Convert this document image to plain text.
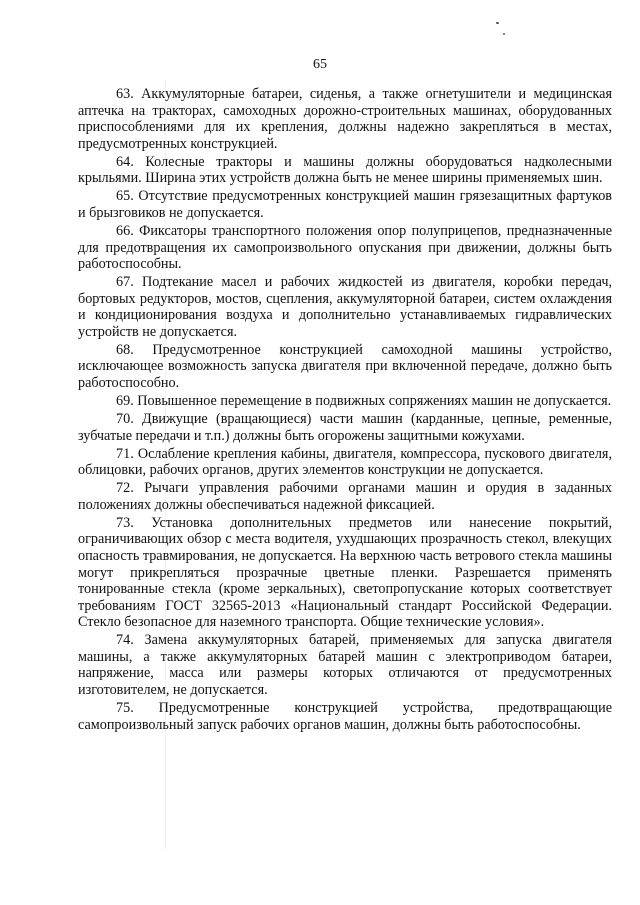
65

63. Аккумуляторные батареи, сиденья, а также огнетушители и медицинская аптечка на тракторах, самоходных дорожно-строительных машинах, оборудованных приспособлениями для их крепления, должны надежно закрепляться в местах, предусмотренных конструкцией.

64. Колесные тракторы и машины должны оборудоваться надколесными крыльями. Ширина этих устройств должна быть не менее ширины применяемых шин.

65. Отсутствие предусмотренных конструкцией машин грязезащитных фартуков и брызговиков не допускается.

66. Фиксаторы транспортного положения опор полуприцепов, предназначенные для предотвращения их самопроизвольного опускания при движении, должны быть работоспособны.

67. Подтекание масел и рабочих жидкостей из двигателя, коробки передач, бортовых редукторов, мостов, сцепления, аккумуляторной батареи, систем охлаждения и кондиционирования воздуха и дополнительно устанавливаемых гидравлических устройств не допускается.

68. Предусмотренное конструкцией самоходной машины устройство, исключающее возможность запуска двигателя при включенной передаче, должно быть работоспособно.

69. Повышенное перемещение в подвижных сопряжениях машин не допускается.

70. Движущие (вращающиеся) части машин (карданные, цепные, ременные, зубчатые передачи и т.п.) должны быть огорожены защитными кожухами.

71. Ослабление крепления кабины, двигателя, компрессора, пускового двигателя, облицовки, рабочих органов, других элементов конструкции не допускается.

72. Рычаги управления рабочими органами машин и орудия в заданных положениях должны обеспечиваться надежной фиксацией.

73. Установка дополнительных предметов или нанесение покрытий, ограничивающих обзор с места водителя, ухудшающих прозрачность стекол, влекущих опасность травмирования, не допускается. На верхнюю часть ветрового стекла машины могут прикрепляться прозрачные цветные пленки. Разрешается применять тонированные стекла (кроме зеркальных), светопропускание которых соответствует требованиям ГОСТ 32565-2013 «Национальный стандарт Российской Федерации. Стекло безопасное для наземного транспорта. Общие технические условия».

74. Замена аккумуляторных батарей, применяемых для запуска двигателя машины, а также аккумуляторных батарей машин с электроприводом батареи, напряжение, масса или размеры которых отличаются от предусмотренных изготовителем, не допускается.

75. Предусмотренные конструкцией устройства, предотвращающие самопроизвольный запуск рабочих органов машин, должны быть работоспособны.
